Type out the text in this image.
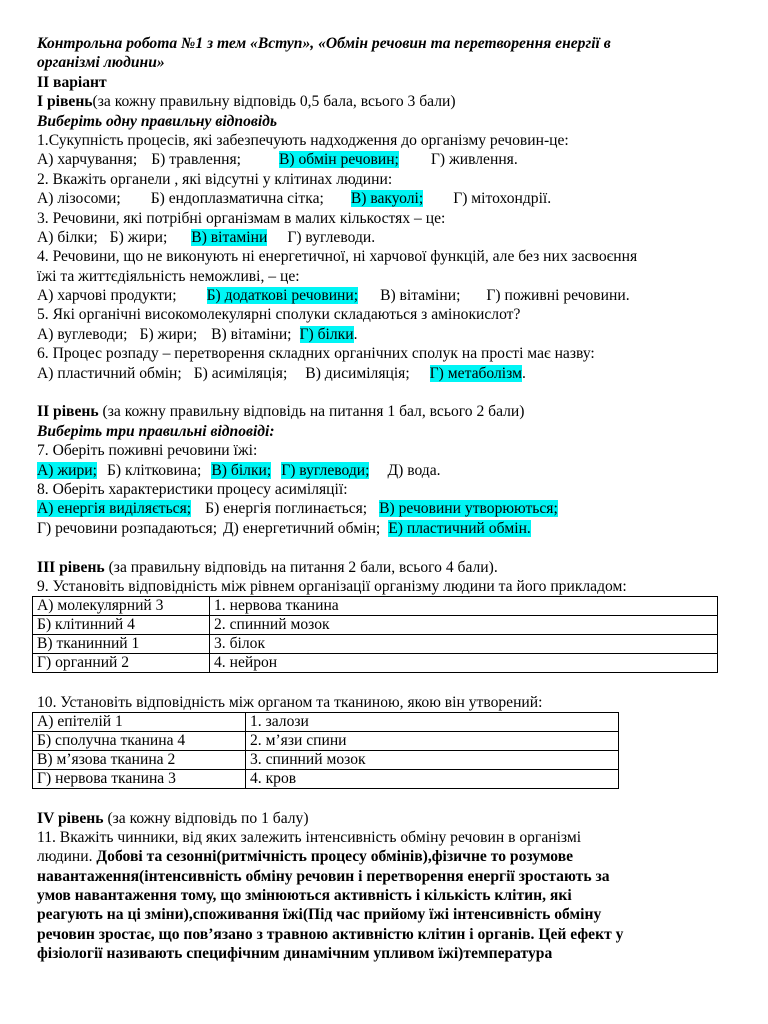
Контрольна робота №1 з тем «Вступ», «Обмін речовин та перетворення енергії в
організмі людини»
ІІ варіант
І рівень(за кожну правильну відповідь 0,5 бала, всього 3 бали)
Виберіть одну правильну відповідь
1.Сукупність процесів, які забезпечують надходження до організму речовин-це:
А) харчування; Б) травлення; В) обмін речовин; Г) живлення.
2. Вкажіть органели , які відсутні у клітинах людини:
А) лізосоми; Б) ендоплазматична сітка; В) вакуолі; Г) мітохондрії.
3. Речовини, які потрібні організмам в малих кількостях – це:
А) білки; Б) жири; В) вітаміни Г) вуглеводи.
4. Речовини, що не виконують ні енергетичної, ні харчової функцій, але без них засвоєння
їжі та життєдіяльність неможливі, – це:
А) харчові продукти; Б) додаткові речовини; В) вітаміни; Г) поживні речовини.
5. Які органічні високомолекулярні сполуки складаються з амінокислот?
А) вуглеводи; Б) жири; В) вітаміни; Г) білки.
6. Процес розпаду – перетворення складних органічних сполук на прості має назву:
А) пластичний обмін; Б) асиміляція; В) дисиміляція; Г) метаболізм.
ІІ рівень (за кожну правильну відповідь на питання 1 бал, всього 2 бали)
Виберіть три правильні відповіді:
7. Оберіть поживні речовини їжі:
А) жири; Б) клітковина; В) білки; Г) вуглеводи; Д) вода.
8. Оберіть характеристики процесу асиміляції:
А) енергія виділяється; Б) енергія поглинається; В) речовини утворюються;
Г) речовини розпадаються; Д) енергетичний обмін; Е) пластичний обмін.
ІІІ рівень (за правильну відповідь на питання 2 бали, всього 4 бали).
9. Установіть відповідність між рівнем організації організму людини та його прикладом:
А) молекулярний 3	1. нервова тканина
Б) клітинний 4	2. спинний мозок
В) тканинний 1	3. білок
Г) органний 2	4. нейрон
10. Установіть відповідність між органом та тканиною, якою він утворений:
А) епітелій 1	1. залози
Б) сполучна тканина 4	2. м’язи спини
В) м’язова тканина 2	3. спинний мозок
Г) нервова тканина 3	4. кров
ІV рівень (за кожну відповідь по 1 балу)
11. Вкажіть чинники, від яких залежить інтенсивність обміну речовин в організмі
людини. Добові та сезонні(ритмічність процесу обмінів),фізичне то розумове
навантаження(інтенсивність обміну речовин і перетворення енергії зростають за
умов навантаження тому, що змінюються активність і кількість клітин, які
реагують на ці зміни),споживання їжі(Під час прийому їжі інтенсивність обміну
речовин зростає, що пов’язано з травною активністю клітин і органів. Цей ефект у
фізіології називають специфічним динамічним упливом їжі)температура
